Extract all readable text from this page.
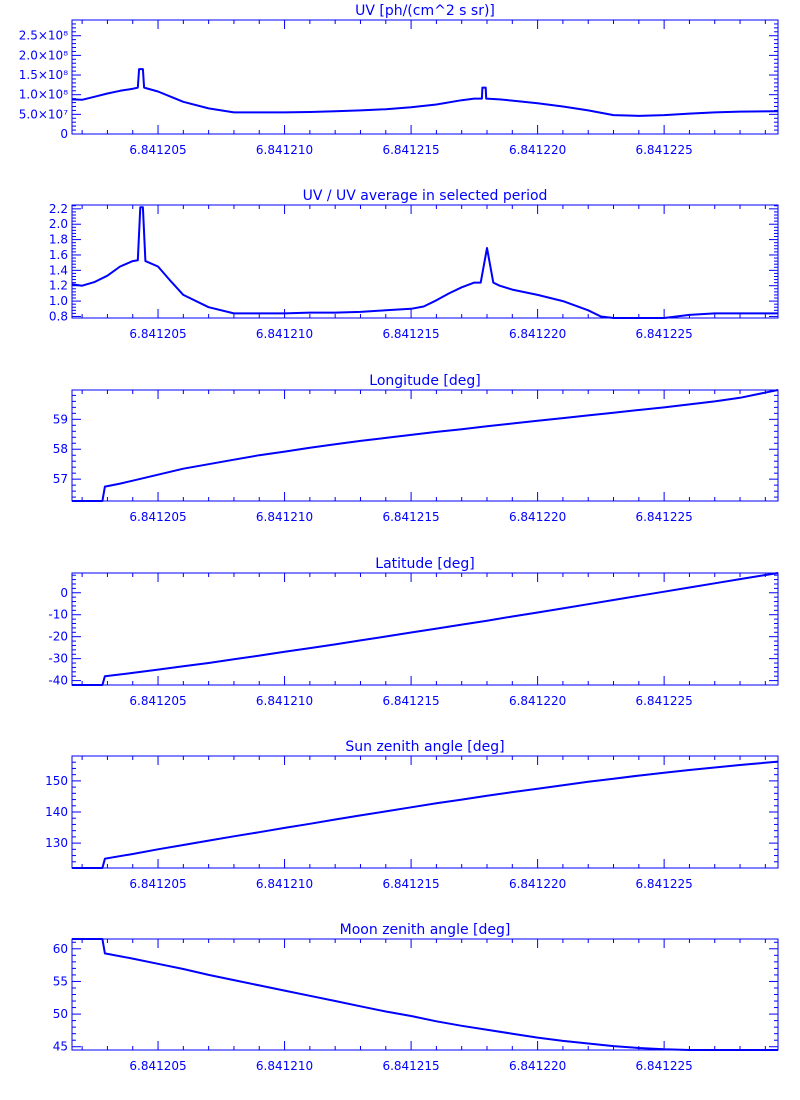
UV [ph/(cm^2 s sr)]
6.841205	6.841210	6.841215	6.841220	6.841225
0
5.0×10⁷
1.0×10⁸
1.5×10⁸
2.0×10⁸
2.5×10⁸
UV / UV average in selected period
6.841205	6.841210	6.841215	6.841220	6.841225
0.8
1.0
1.2
1.4
1.6
1.8
2.0
2.2
Longitude [deg]
6.841205	6.841210	6.841215	6.841220	6.841225
57
58
59
Latitude [deg]
6.841205	6.841210	6.841215	6.841220	6.841225
-40
-30
-20
-10
0
Sun zenith angle [deg]
6.841205	6.841210	6.841215	6.841220	6.841225
130
140
150
Moon zenith angle [deg]
6.841205	6.841210	6.841215	6.841220	6.841225
45
50
55
60
